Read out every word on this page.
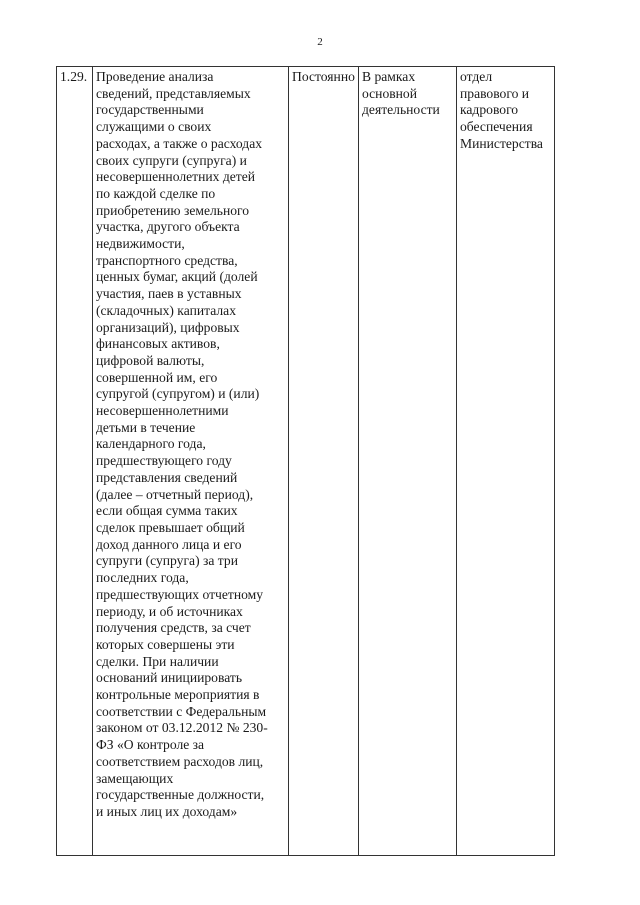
2
1.29.	Проведение анализа
сведений, представляемых
государственными
служащими о своих
расходах, а также о расходах
своих супруги (супруга) и
несовершеннолетних детей
по каждой сделке по
приобретению земельного
участка, другого объекта
недвижимости,
транспортного средства,
ценных бумаг, акций (долей
участия, паев в уставных
(складочных) капиталах
организаций), цифровых
финансовых активов,
цифровой валюты,
совершенной им, его
супругой (супругом) и (или)
несовершеннолетними
детьми в течение
календарного года,
предшествующего году
представления сведений
(далее – отчетный период),
если общая сумма таких
сделок превышает общий
доход данного лица и его
супруги (супруга) за три
последних года,
предшествующих отчетному
периоду, и об источниках
получения средств, за счет
которых совершены эти
сделки. При наличии
оснований инициировать
контрольные мероприятия в
соответствии с Федеральным
законом от 03.12.2012 № 230-
ФЗ «О контроле за
соответствием расходов лиц,
замещающих
государственные должности,
и иных лиц их доходам»	Постоянно	В рамках
основной
деятельности	отдел
правового и
кадрового
обеспечения
Министерства
